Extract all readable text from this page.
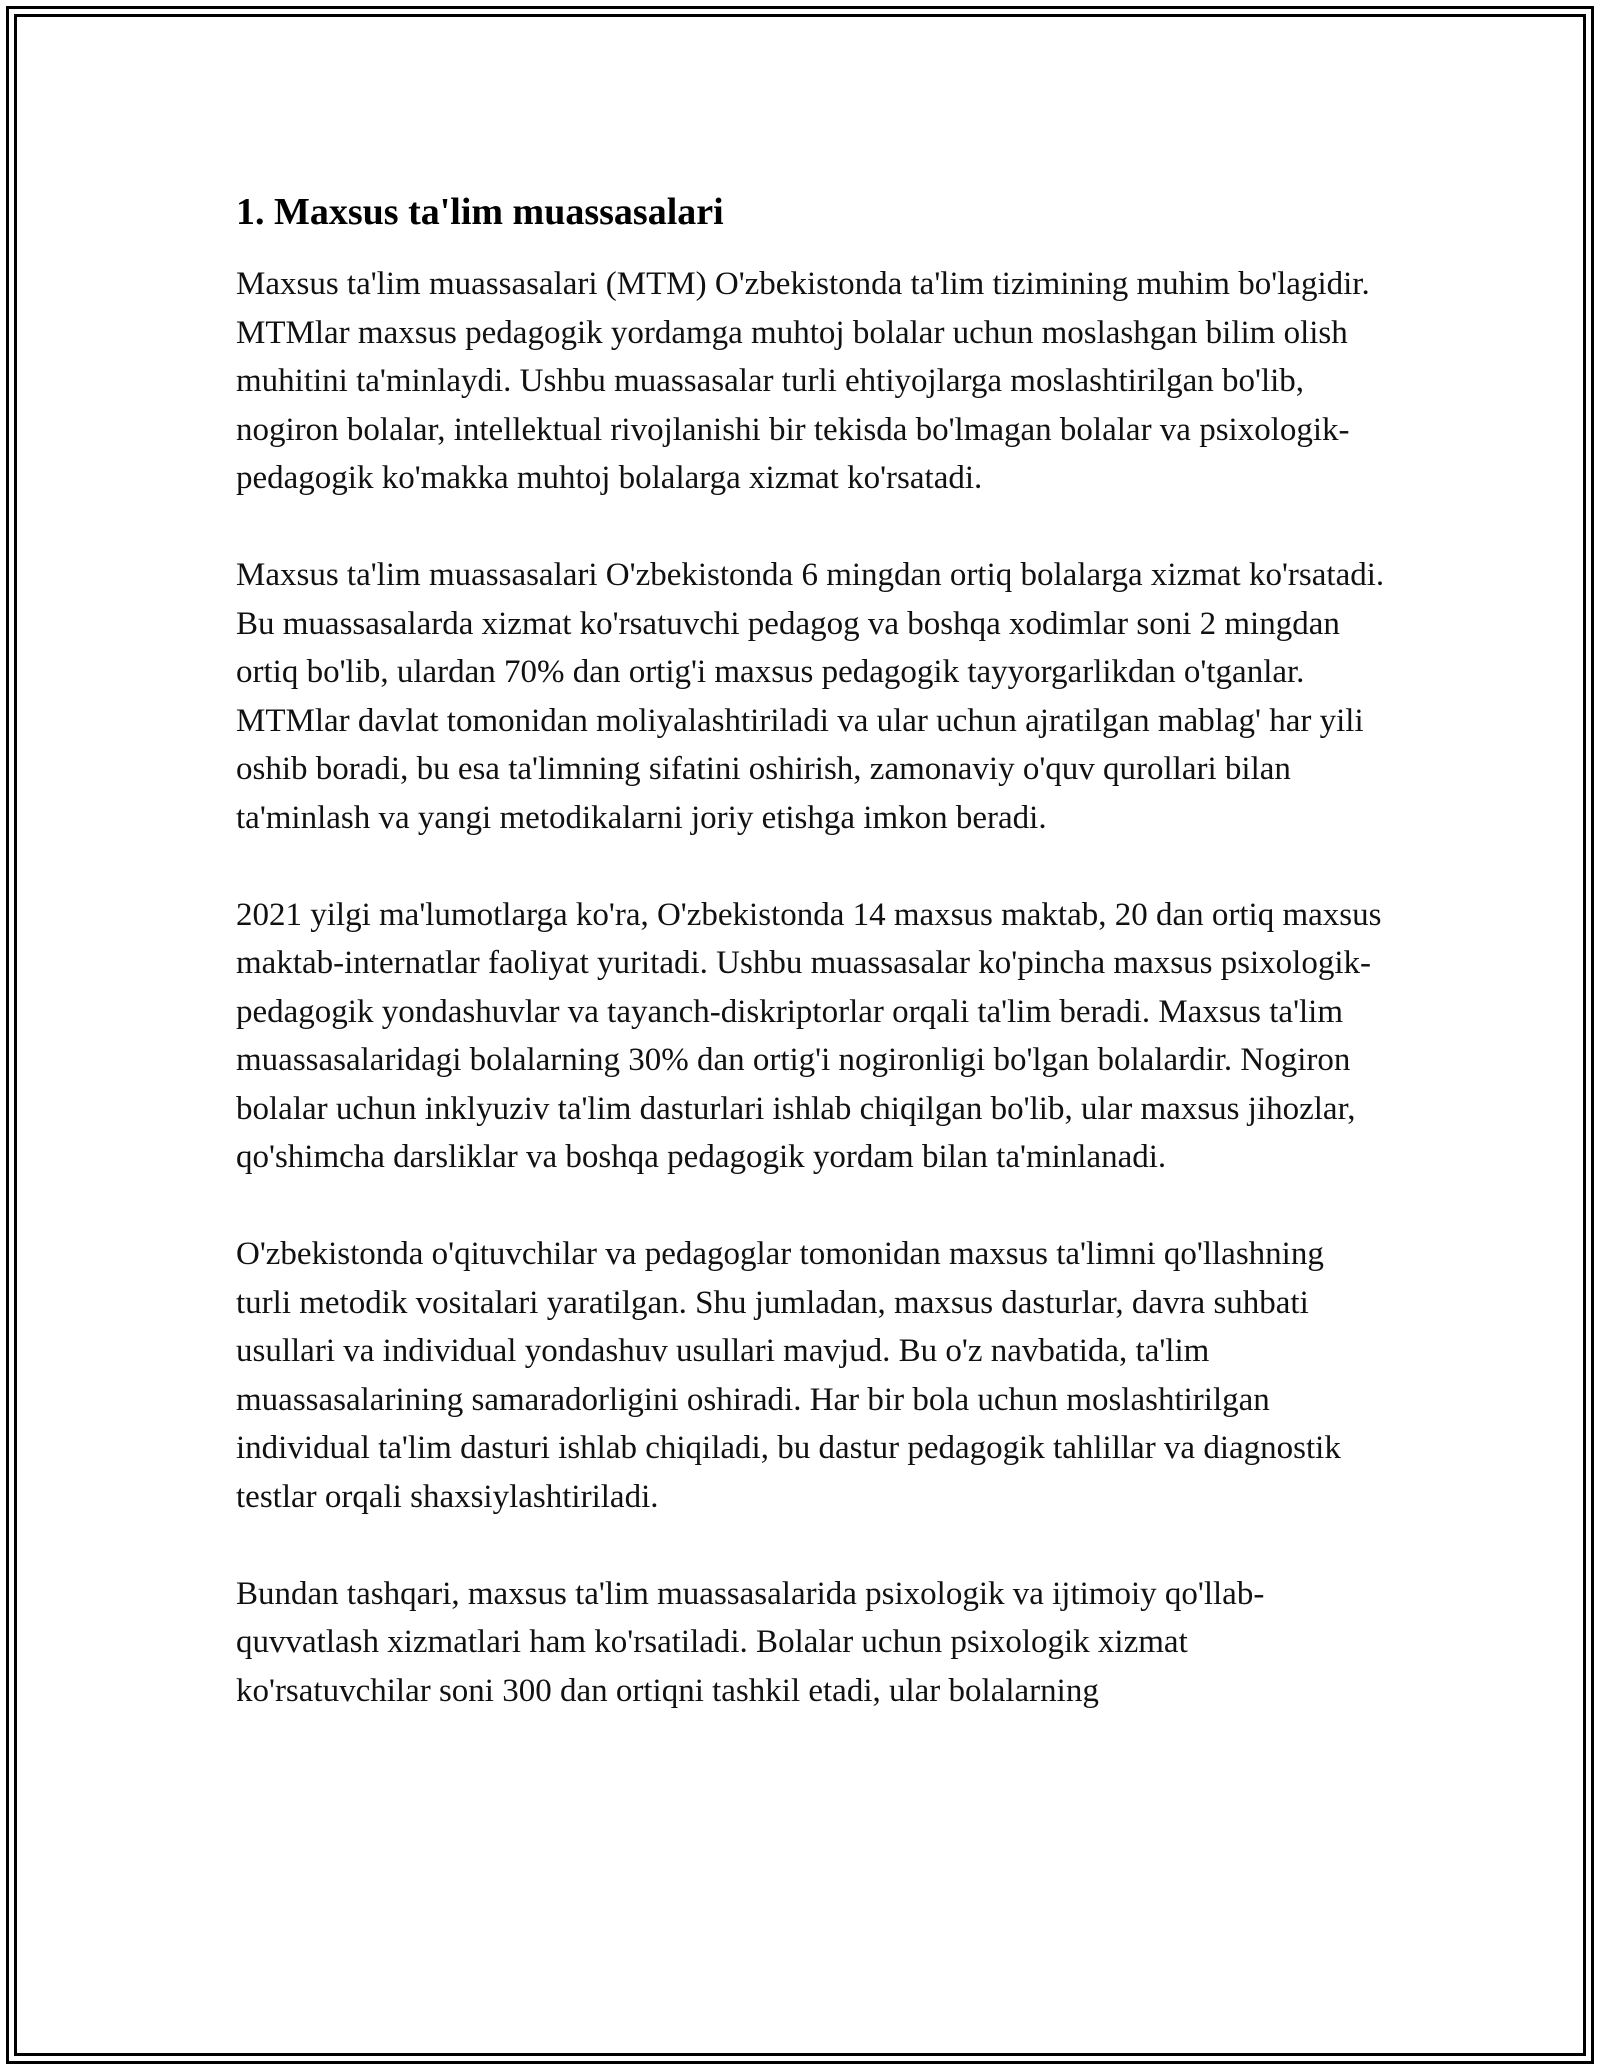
1. Maxsus ta'lim muassasalari

Maxsus ta'lim muassasalari (MTM) O'zbekistonda ta'lim tizimining muhim bo'lagidir. MTMlar maxsus pedagogik yordamga muhtoj bolalar uchun moslashgan bilim olish muhitini ta'minlaydi. Ushbu muassasalar turli ehtiyojlarga moslashtirilgan bo'lib, nogiron bolalar, intellektual rivojlanishi bir tekisda bo'lmagan bolalar va psixologik-pedagogik ko'makka muhtoj bolalarga xizmat ko'rsatadi.

Maxsus ta'lim muassasalari O'zbekistonda 6 mingdan ortiq bolalarga xizmat ko'rsatadi. Bu muassasalarda xizmat ko'rsatuvchi pedagog va boshqa xodimlar soni 2 mingdan ortiq bo'lib, ulardan 70% dan ortig'i maxsus pedagogik tayyorgarlikdan o'tganlar. MTMlar davlat tomonidan moliyalashtiriladi va ular uchun ajratilgan mablag' har yili oshib boradi, bu esa ta'limning sifatini oshirish, zamonaviy o'quv qurollari bilan ta'minlash va yangi metodikalarni joriy etishga imkon beradi.

2021 yilgi ma'lumotlarga ko'ra, O'zbekistonda 14 maxsus maktab, 20 dan ortiq maxsus maktab-internatlar faoliyat yuritadi. Ushbu muassasalar ko'pincha maxsus psixologik-pedagogik yondashuvlar va tayanch-diskriptorlar orqali ta'lim beradi. Maxsus ta'lim muassasalaridagi bolalarning 30% dan ortig'i nogironligi bo'lgan bolalardir. Nogiron bolalar uchun inklyuziv ta'lim dasturlari ishlab chiqilgan bo'lib, ular maxsus jihozlar, qo'shimcha darsliklar va boshqa pedagogik yordam bilan ta'minlanadi.

O'zbekistonda o'qituvchilar va pedagoglar tomonidan maxsus ta'limni qo'llashning turli metodik vositalari yaratilgan. Shu jumladan, maxsus dasturlar, davra suhbati usullari va individual yondashuv usullari mavjud. Bu o'z navbatida, ta'lim muassasalarining samaradorligini oshiradi. Har bir bola uchun moslashtirilgan individual ta'lim dasturi ishlab chiqiladi, bu dastur pedagogik tahlillar va diagnostik testlar orqali shaxsiylashtiriladi.

Bundan tashqari, maxsus ta'lim muassasalarida psixologik va ijtimoiy qo'llab-quvvatlash xizmatlari ham ko'rsatiladi. Bolalar uchun psixologik xizmat ko'rsatuvchilar soni 300 dan ortiqni tashkil etadi, ular bolalarning
